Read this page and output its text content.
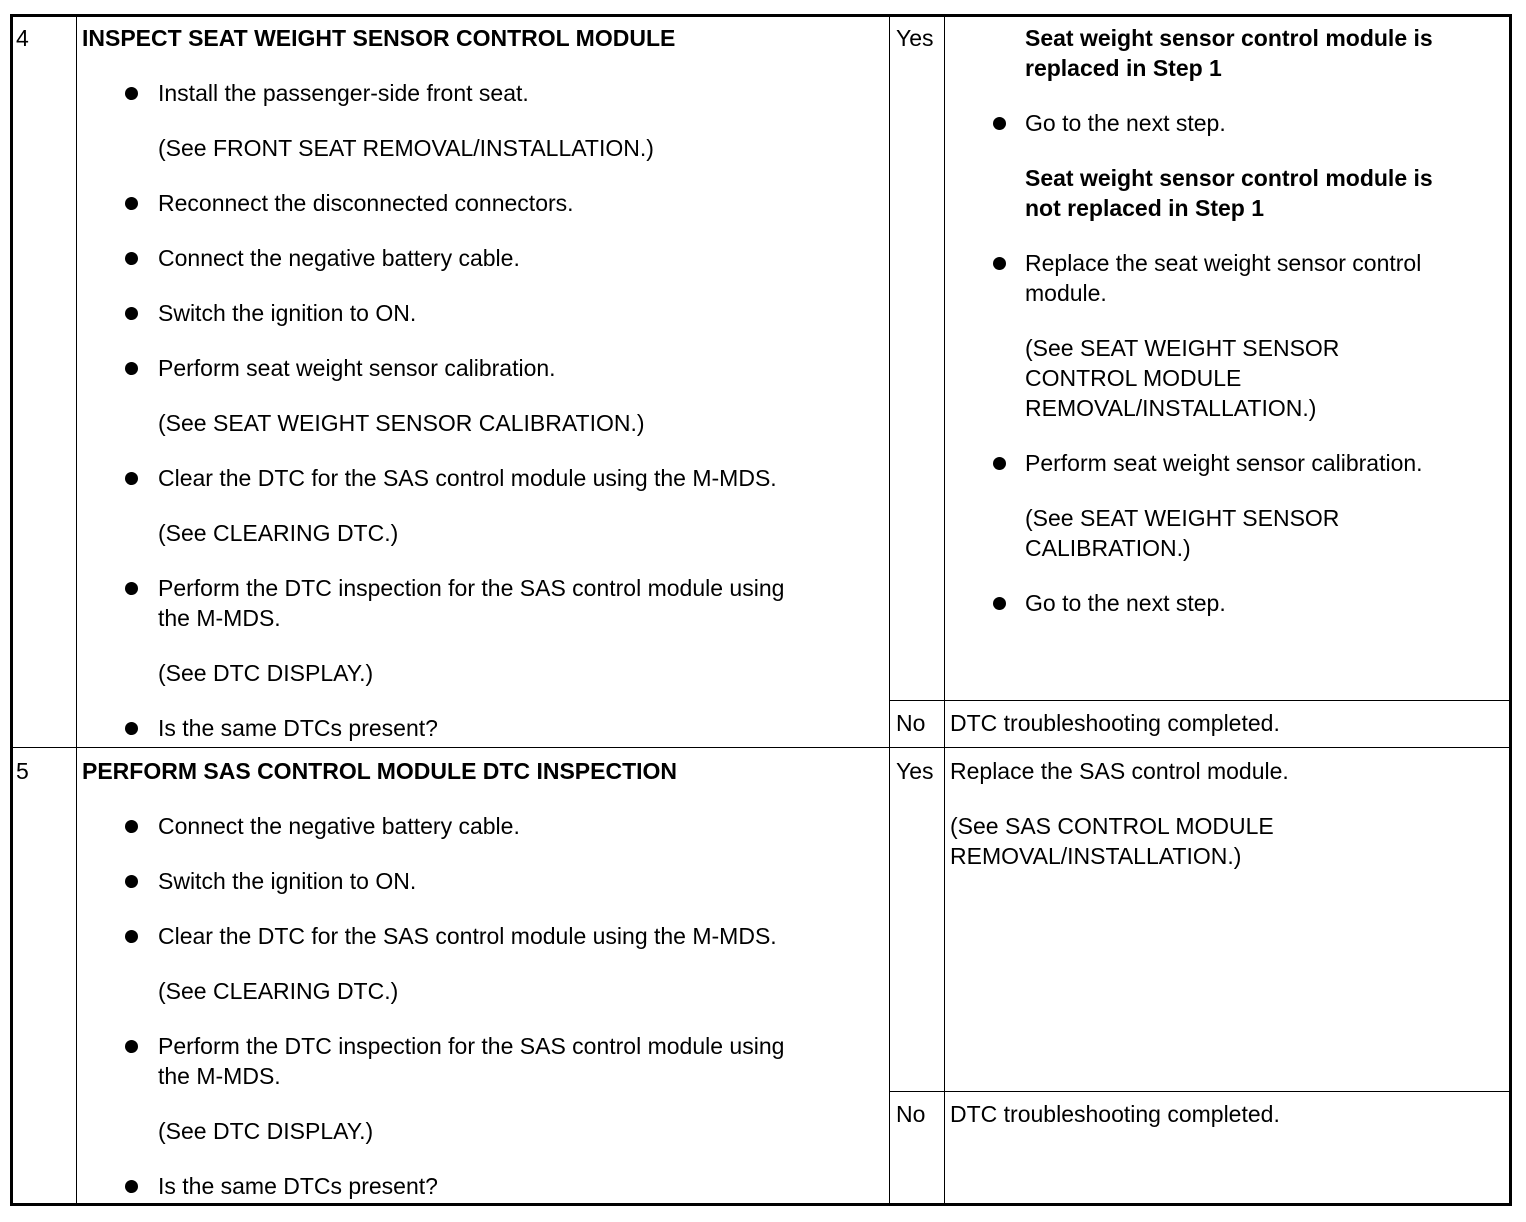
4 INSPECT SEAT WEIGHT SENSOR CONTROL MODULE
Install the passenger-side front seat.
(See FRONT SEAT REMOVAL/INSTALLATION.)
Reconnect the disconnected connectors.
Connect the negative battery cable.
Switch the ignition to ON.
Perform seat weight sensor calibration.
(See SEAT WEIGHT SENSOR CALIBRATION.)
Clear the DTC for the SAS control module using the M-MDS.
(See CLEARING DTC.)
Perform the DTC inspection for the SAS control module using
the M-MDS.
(See DTC DISPLAY.)
Is the same DTCs present?
Yes	Seat weight sensor control module is
replaced in Step 1
Go to the next step.
Seat weight sensor control module is
not replaced in Step 1
Replace the seat weight sensor control
module.
(See SEAT WEIGHT SENSOR
CONTROL MODULE
REMOVAL/INSTALLATION.)
Perform seat weight sensor calibration.
(See SEAT WEIGHT SENSOR
CALIBRATION.)
Go to the next step.
No DTC troubleshooting completed.
5 PERFORM SAS CONTROL MODULE DTC INSPECTION
Connect the negative battery cable.
Switch the ignition to ON.
Clear the DTC for the SAS control module using the M-MDS.
(See CLEARING DTC.)
Perform the DTC inspection for the SAS control module using
the M-MDS.
(See DTC DISPLAY.)
Is the same DTCs present?
Yes Replace the SAS control module.
(See SAS CONTROL MODULE
REMOVAL/INSTALLATION.)
No DTC troubleshooting completed.
